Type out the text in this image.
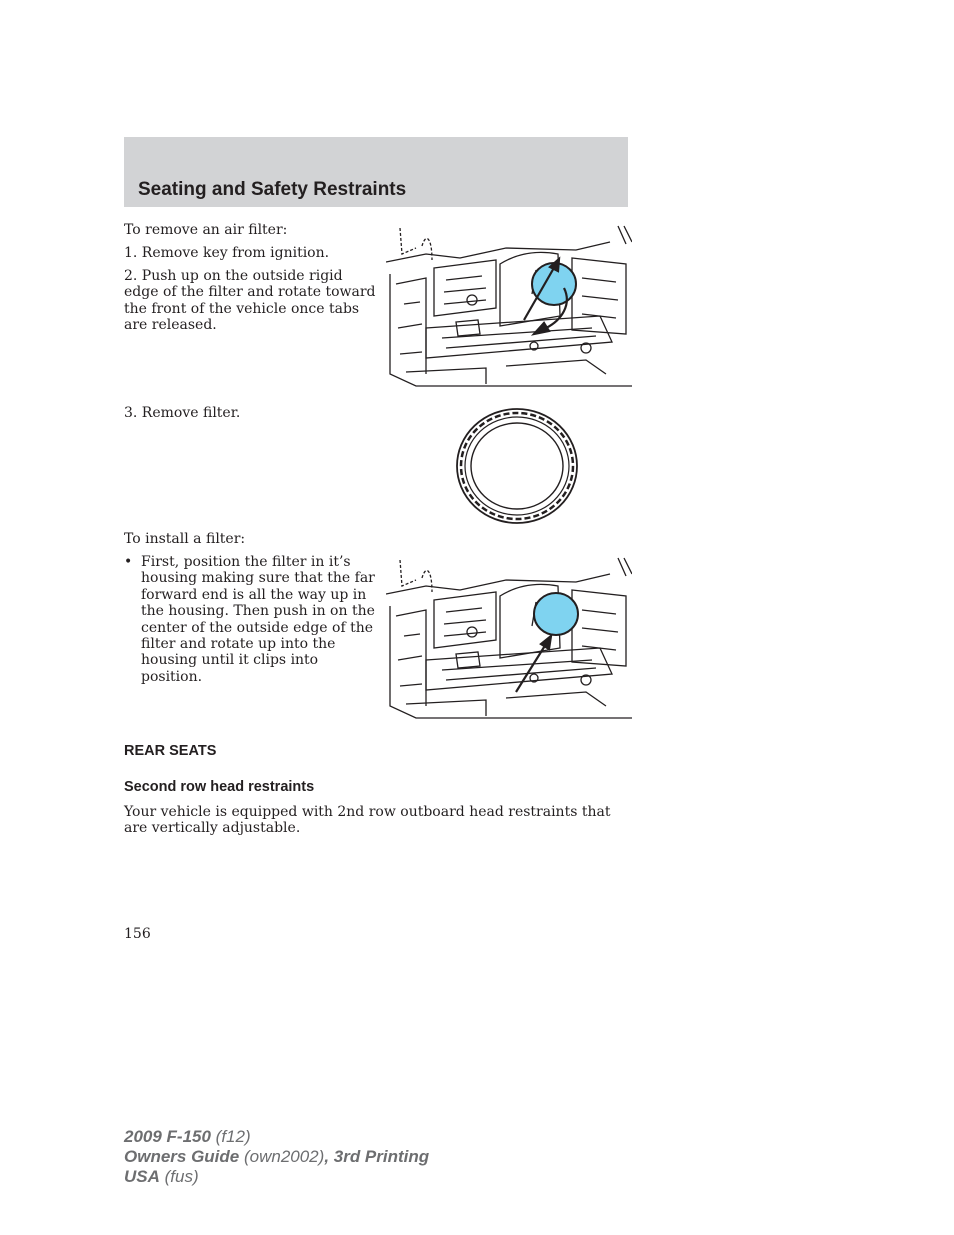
Seating and Safety Restraints

To remove an air filter:

1. Remove key from ignition.

2. Push up on the outside rigid edge of the filter and rotate toward the front of the vehicle once tabs are released.

3. Remove filter.

To install a filter:

• First, position the filter in it’s housing making sure that the far forward end is all the way up in the housing. Then push in on the center of the outside edge of the filter and rotate up into the housing until it clips into position.

REAR SEATS
Second row head restraints

Your vehicle is equipped with 2nd row outboard head restraints that are vertically adjustable.

156
2009 F-150 (f12)
Owners Guide (own2002), 3rd Printing
USA (fus)
